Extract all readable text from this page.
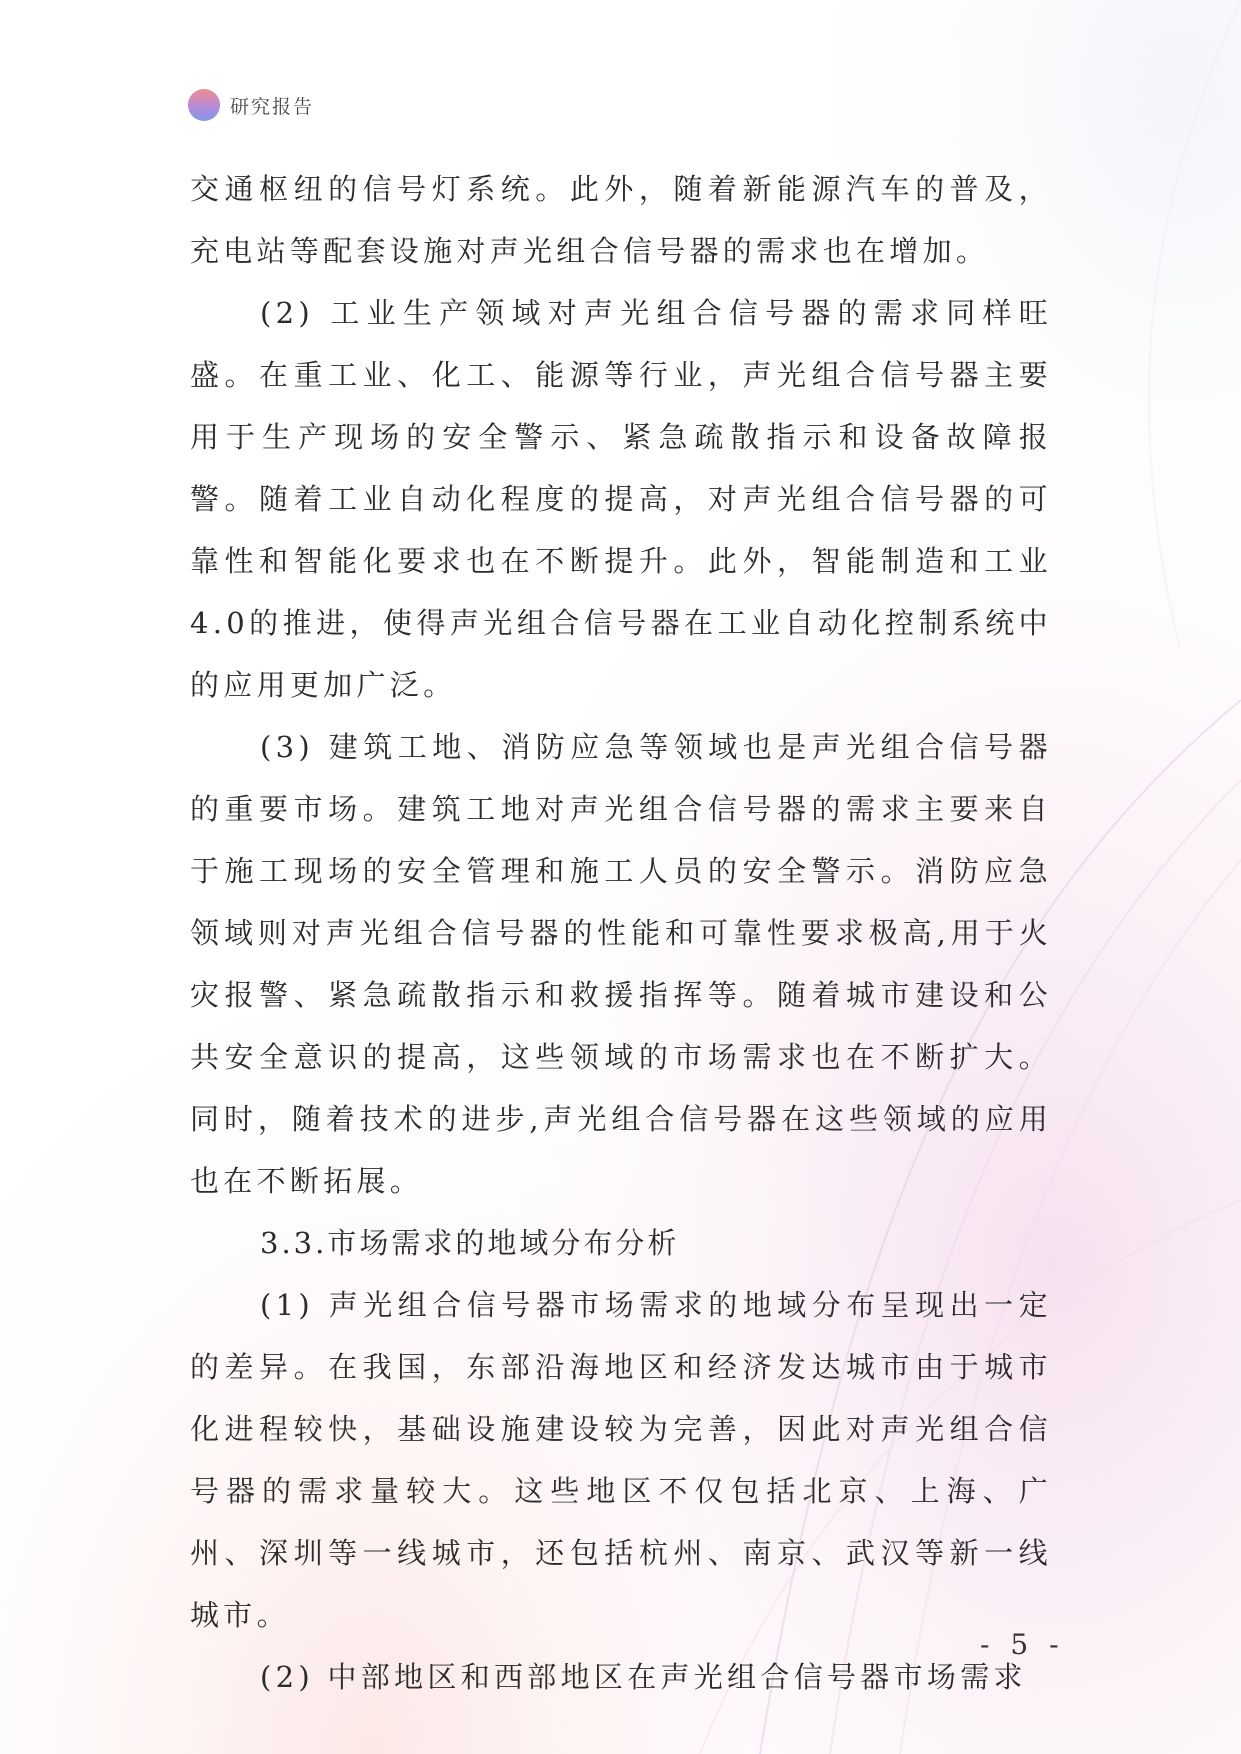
研究报告

交通枢纽的信号灯系统。此外，随着新能源汽车的普及，充电站等配套设施对声光组合信号器的需求也在增加。

(2) 工业生产领域对声光组合信号器的需求同样旺盛。在重工业、化工、能源等行业，声光组合信号器主要用于生产现场的安全警示、紧急疏散指示和设备故障报警。随着工业自动化程度的提高，对声光组合信号器的可靠性和智能化要求也在不断提升。此外，智能制造和工业4.0的推进，使得声光组合信号器在工业自动化控制系统中的应用更加广泛。

(3) 建筑工地、消防应急等领域也是声光组合信号器的重要市场。建筑工地对声光组合信号器的需求主要来自于施工现场的安全管理和施工人员的安全警示。消防应急领域则对声光组合信号器的性能和可靠性要求极高,用于火灾报警、紧急疏散指示和救援指挥等。随着城市建设和公共安全意识的提高，这些领域的市场需求也在不断扩大。同时，随着技术的进步,声光组合信号器在这些领域的应用也在不断拓展。

3.3.市场需求的地域分布分析

(1) 声光组合信号器市场需求的地域分布呈现出一定的差异。在我国，东部沿海地区和经济发达城市由于城市化进程较快，基础设施建设较为完善，因此对声光组合信号器的需求量较大。这些地区不仅包括北京、上海、广州、深圳等一线城市，还包括杭州、南京、武汉等新一线城市。

(2) 中部地区和西部地区在声光组合信号器市场需求

- 5 -
